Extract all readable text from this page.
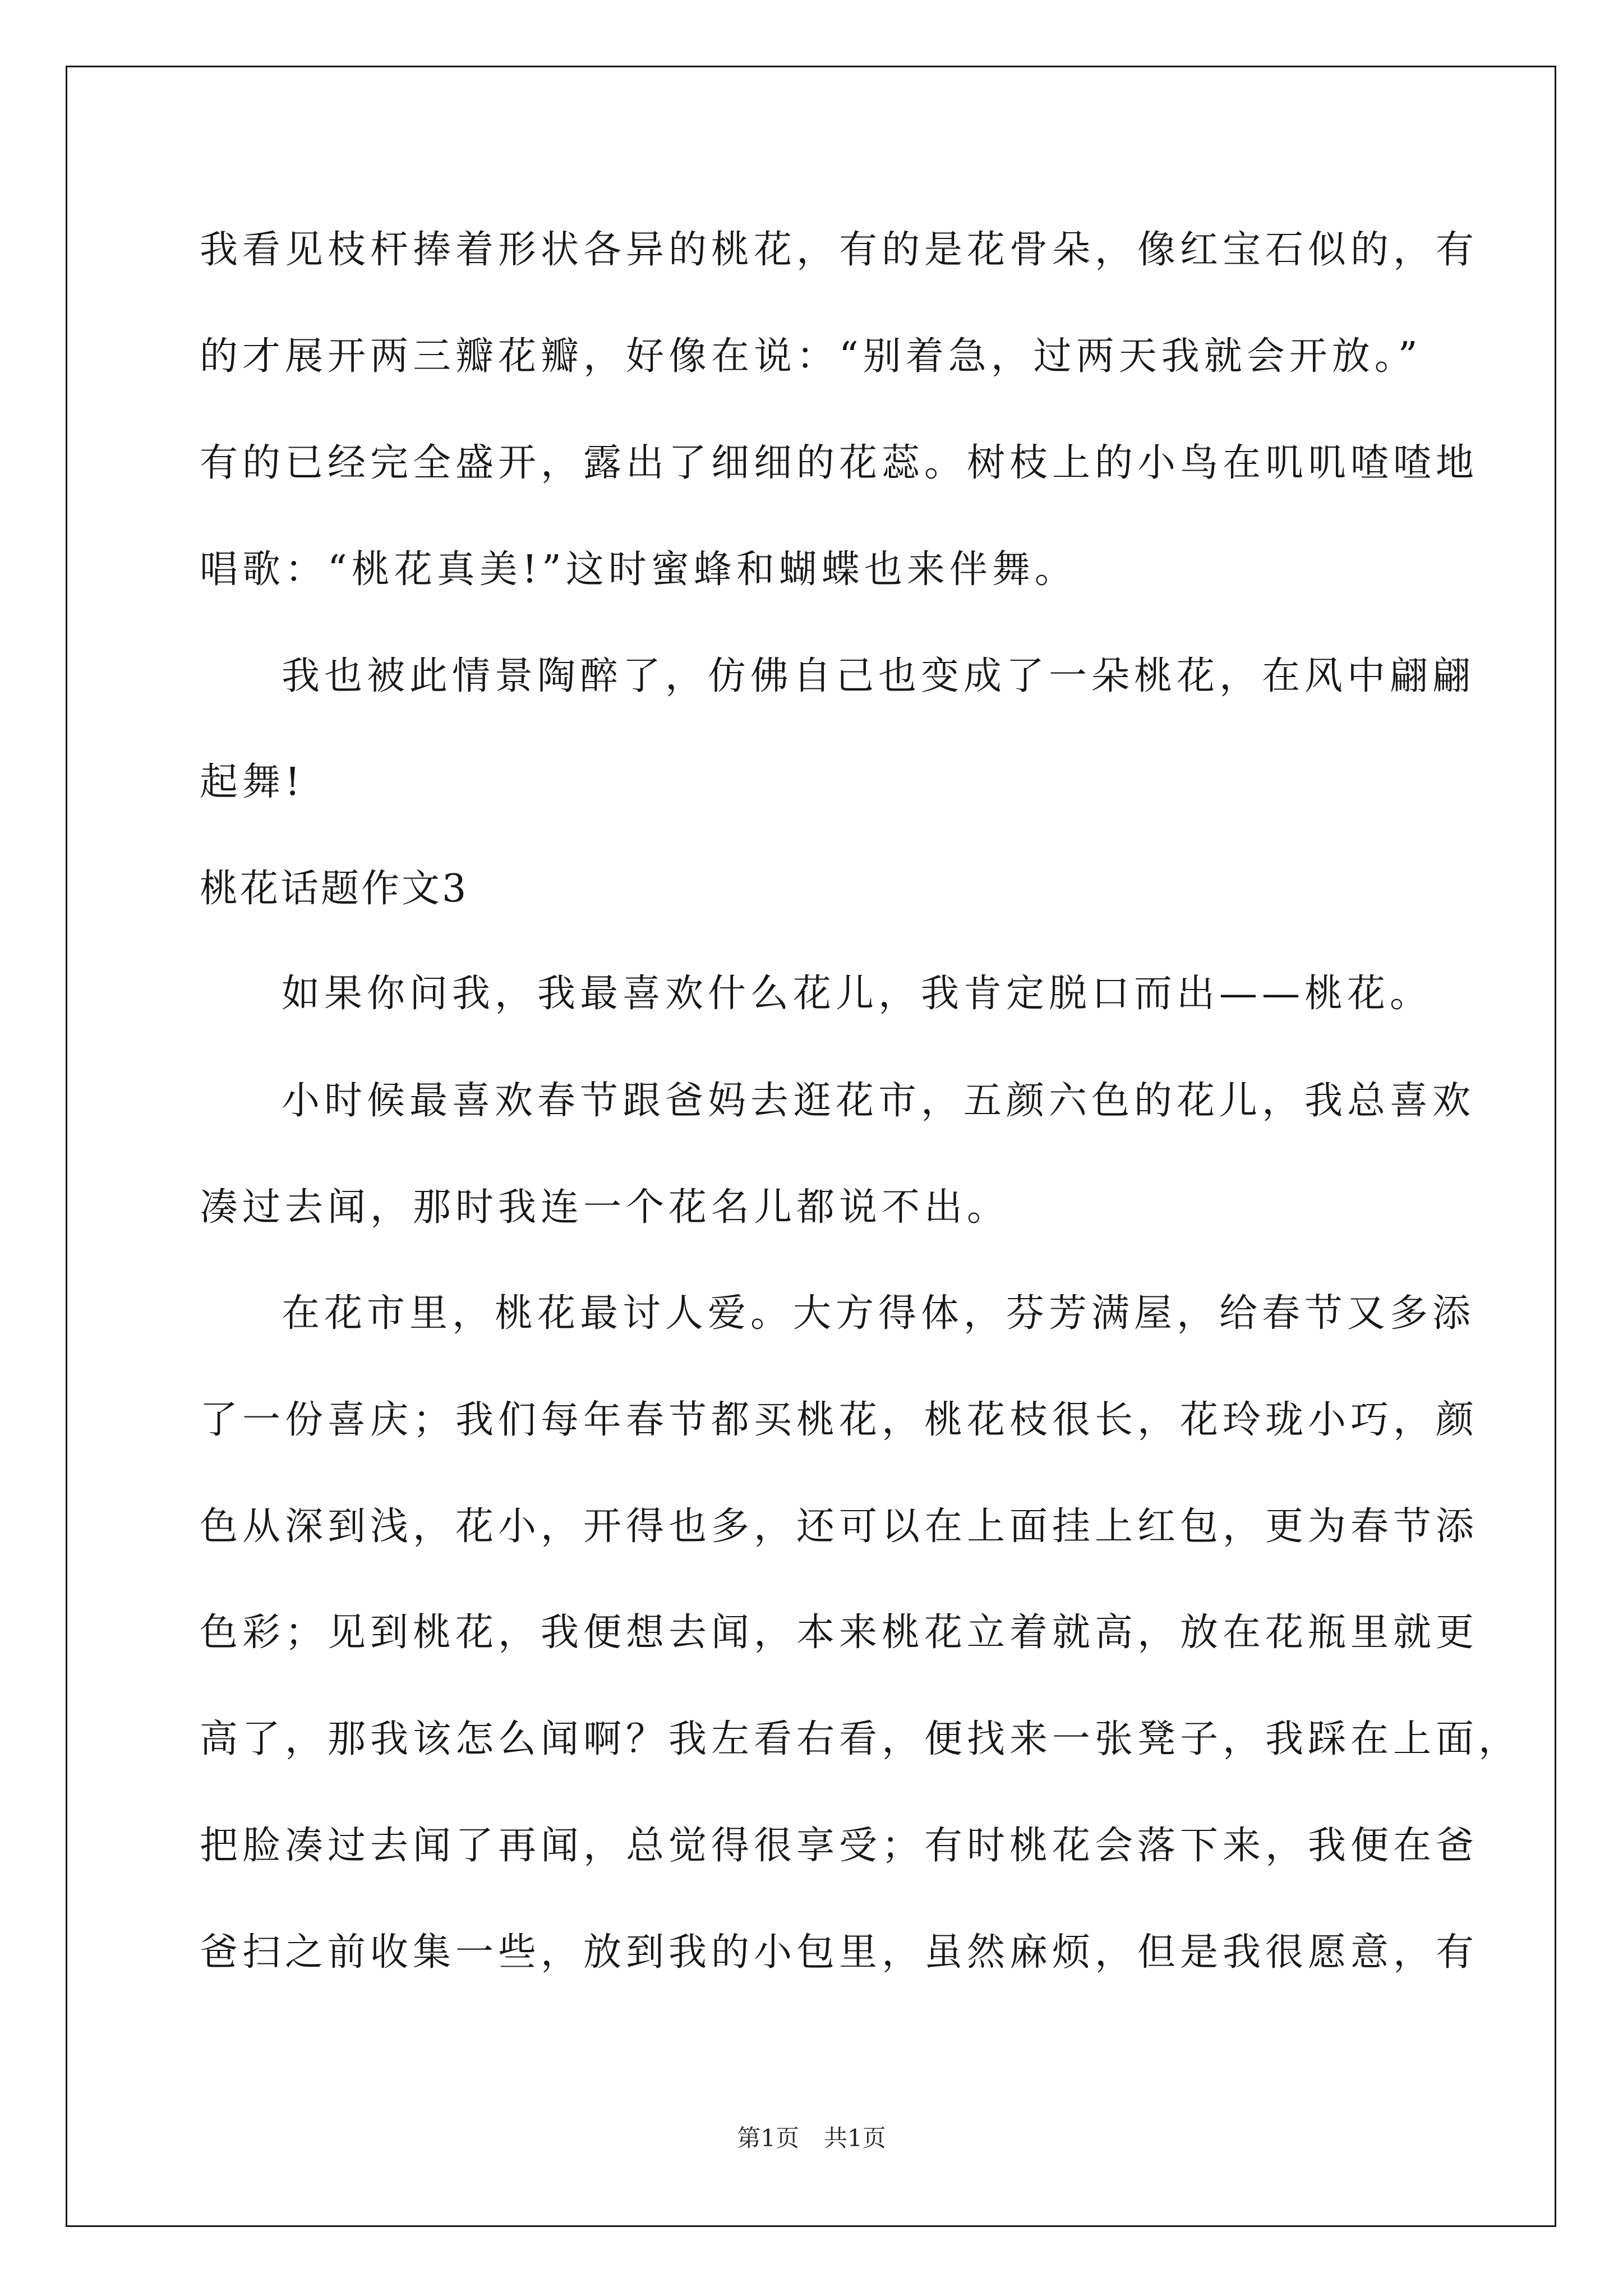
我看见枝杆捧着形状各异的桃花，有的是花骨朵，像红宝石似的，有

的才展开两三瓣花瓣，好像在说：“别着急，过两天我就会开放。”

有的已经完全盛开，露出了细细的花蕊。树枝上的小鸟在叽叽喳喳地

唱歌：“桃花真美!”这时蜜蜂和蝴蝶也来伴舞。

我也被此情景陶醉了，仿佛自己也变成了一朵桃花，在风中翩翩

起舞!

桃花话题作文3

如果你问我，我最喜欢什么花儿，我肯定脱口而出——桃花。

小时候最喜欢春节跟爸妈去逛花市，五颜六色的花儿，我总喜欢

凑过去闻，那时我连一个花名儿都说不出。

在花市里，桃花最讨人爱。大方得体，芬芳满屋，给春节又多添

了一份喜庆；我们每年春节都买桃花，桃花枝很长，花玲珑小巧，颜

色从深到浅，花小，开得也多，还可以在上面挂上红包，更为春节添

色彩；见到桃花，我便想去闻，本来桃花立着就高，放在花瓶里就更

高了，那我该怎么闻啊？我左看右看，便找来一张凳子，我踩在上面，

把脸凑过去闻了再闻，总觉得很享受；有时桃花会落下来，我便在爸

爸扫之前收集一些，放到我的小包里，虽然麻烦，但是我很愿意，有

第1页 共1页
